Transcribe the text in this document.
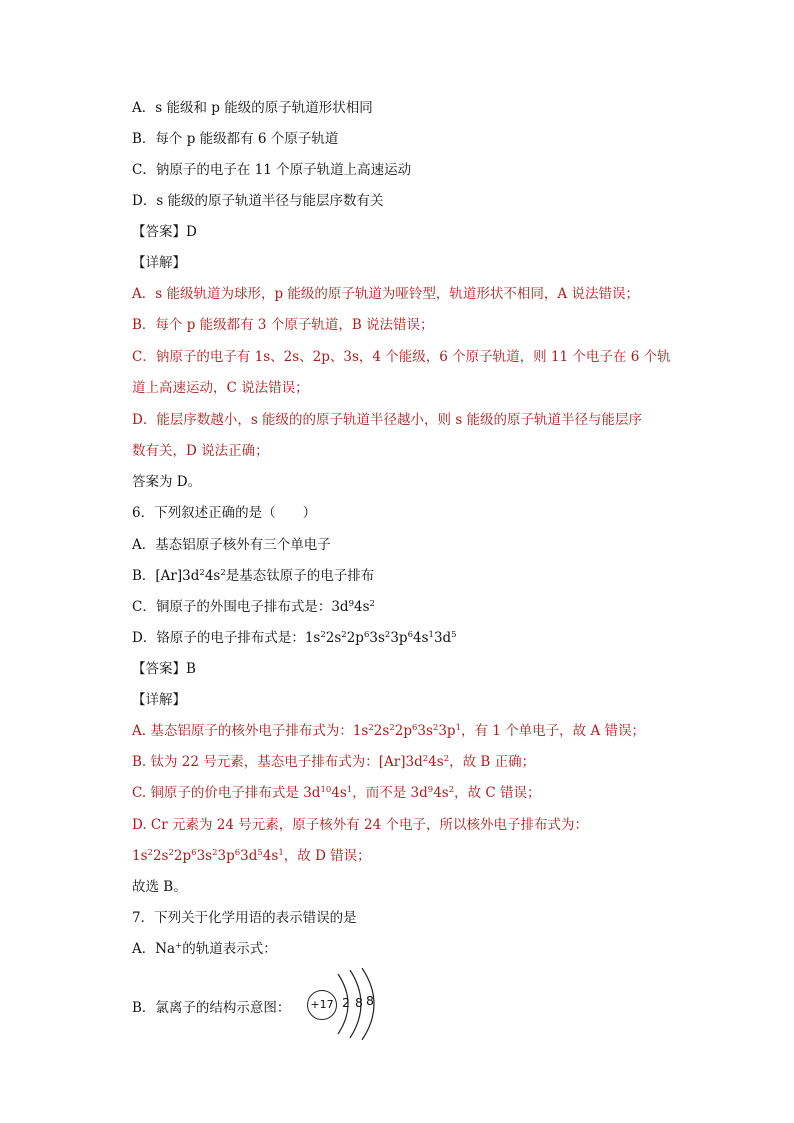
A．s 能级和 p 能级的原子轨道形状相同
B．每个 p 能级都有 6 个原子轨道
C．钠原子的电子在 11 个原子轨道上高速运动
D．s 能级的原子轨道半径与能层序数有关
【答案】D
【详解】
A．s 能级轨道为球形，p 能级的原子轨道为哑铃型，轨道形状不相同，A 说法错误；
B．每个 p 能级都有 3 个原子轨道，B 说法错误；
C．钠原子的电子有 1s、2s、2p、3s，4 个能级，6 个原子轨道，则 11 个电子在 6 个轨
道上高速运动，C 说法错误；
D．能层序数越小，s 能级的的原子轨道半径越小，则 s 能级的原子轨道半径与能层序
数有关，D 说法正确；
答案为 D。
6．下列叙述正确的是（　　）
A．基态铝原子核外有三个单电子
B．$[Ar]3d^24s^2$是基态钛原子的电子排布
C．铜原子的外围电子排布式是：$3d^94s^2$
D．铬原子的电子排布式是：$1s^22s^22p^63s^23p^64s^13d^5$
【答案】B
【详解】
A. 基态铝原子的核外电子排布式为：$1s^22s^22p^63s^23p^1$，有 1 个单电子，故 A 错误；
B. 钛为 22 号元素，基态电子排布式为：$[Ar]3d^24s^2$，故 B 正确；
C. 铜原子的价电子排布式是 $3d^{10}4s^1$，而不是 $3d^94s^2$，故 C 错误；
D. Cr 元素为 24 号元素，原子核外有 24 个电子，所以核外电子排布式为：
$1s^22s^22p^63s^23p^63d^54s^1$，故 D 错误；
故选 B。
7．下列关于化学用语的表示错误的是
A．Na+的轨道表示式：
B．氯离子的结构示意图：	+17 2 8 8
